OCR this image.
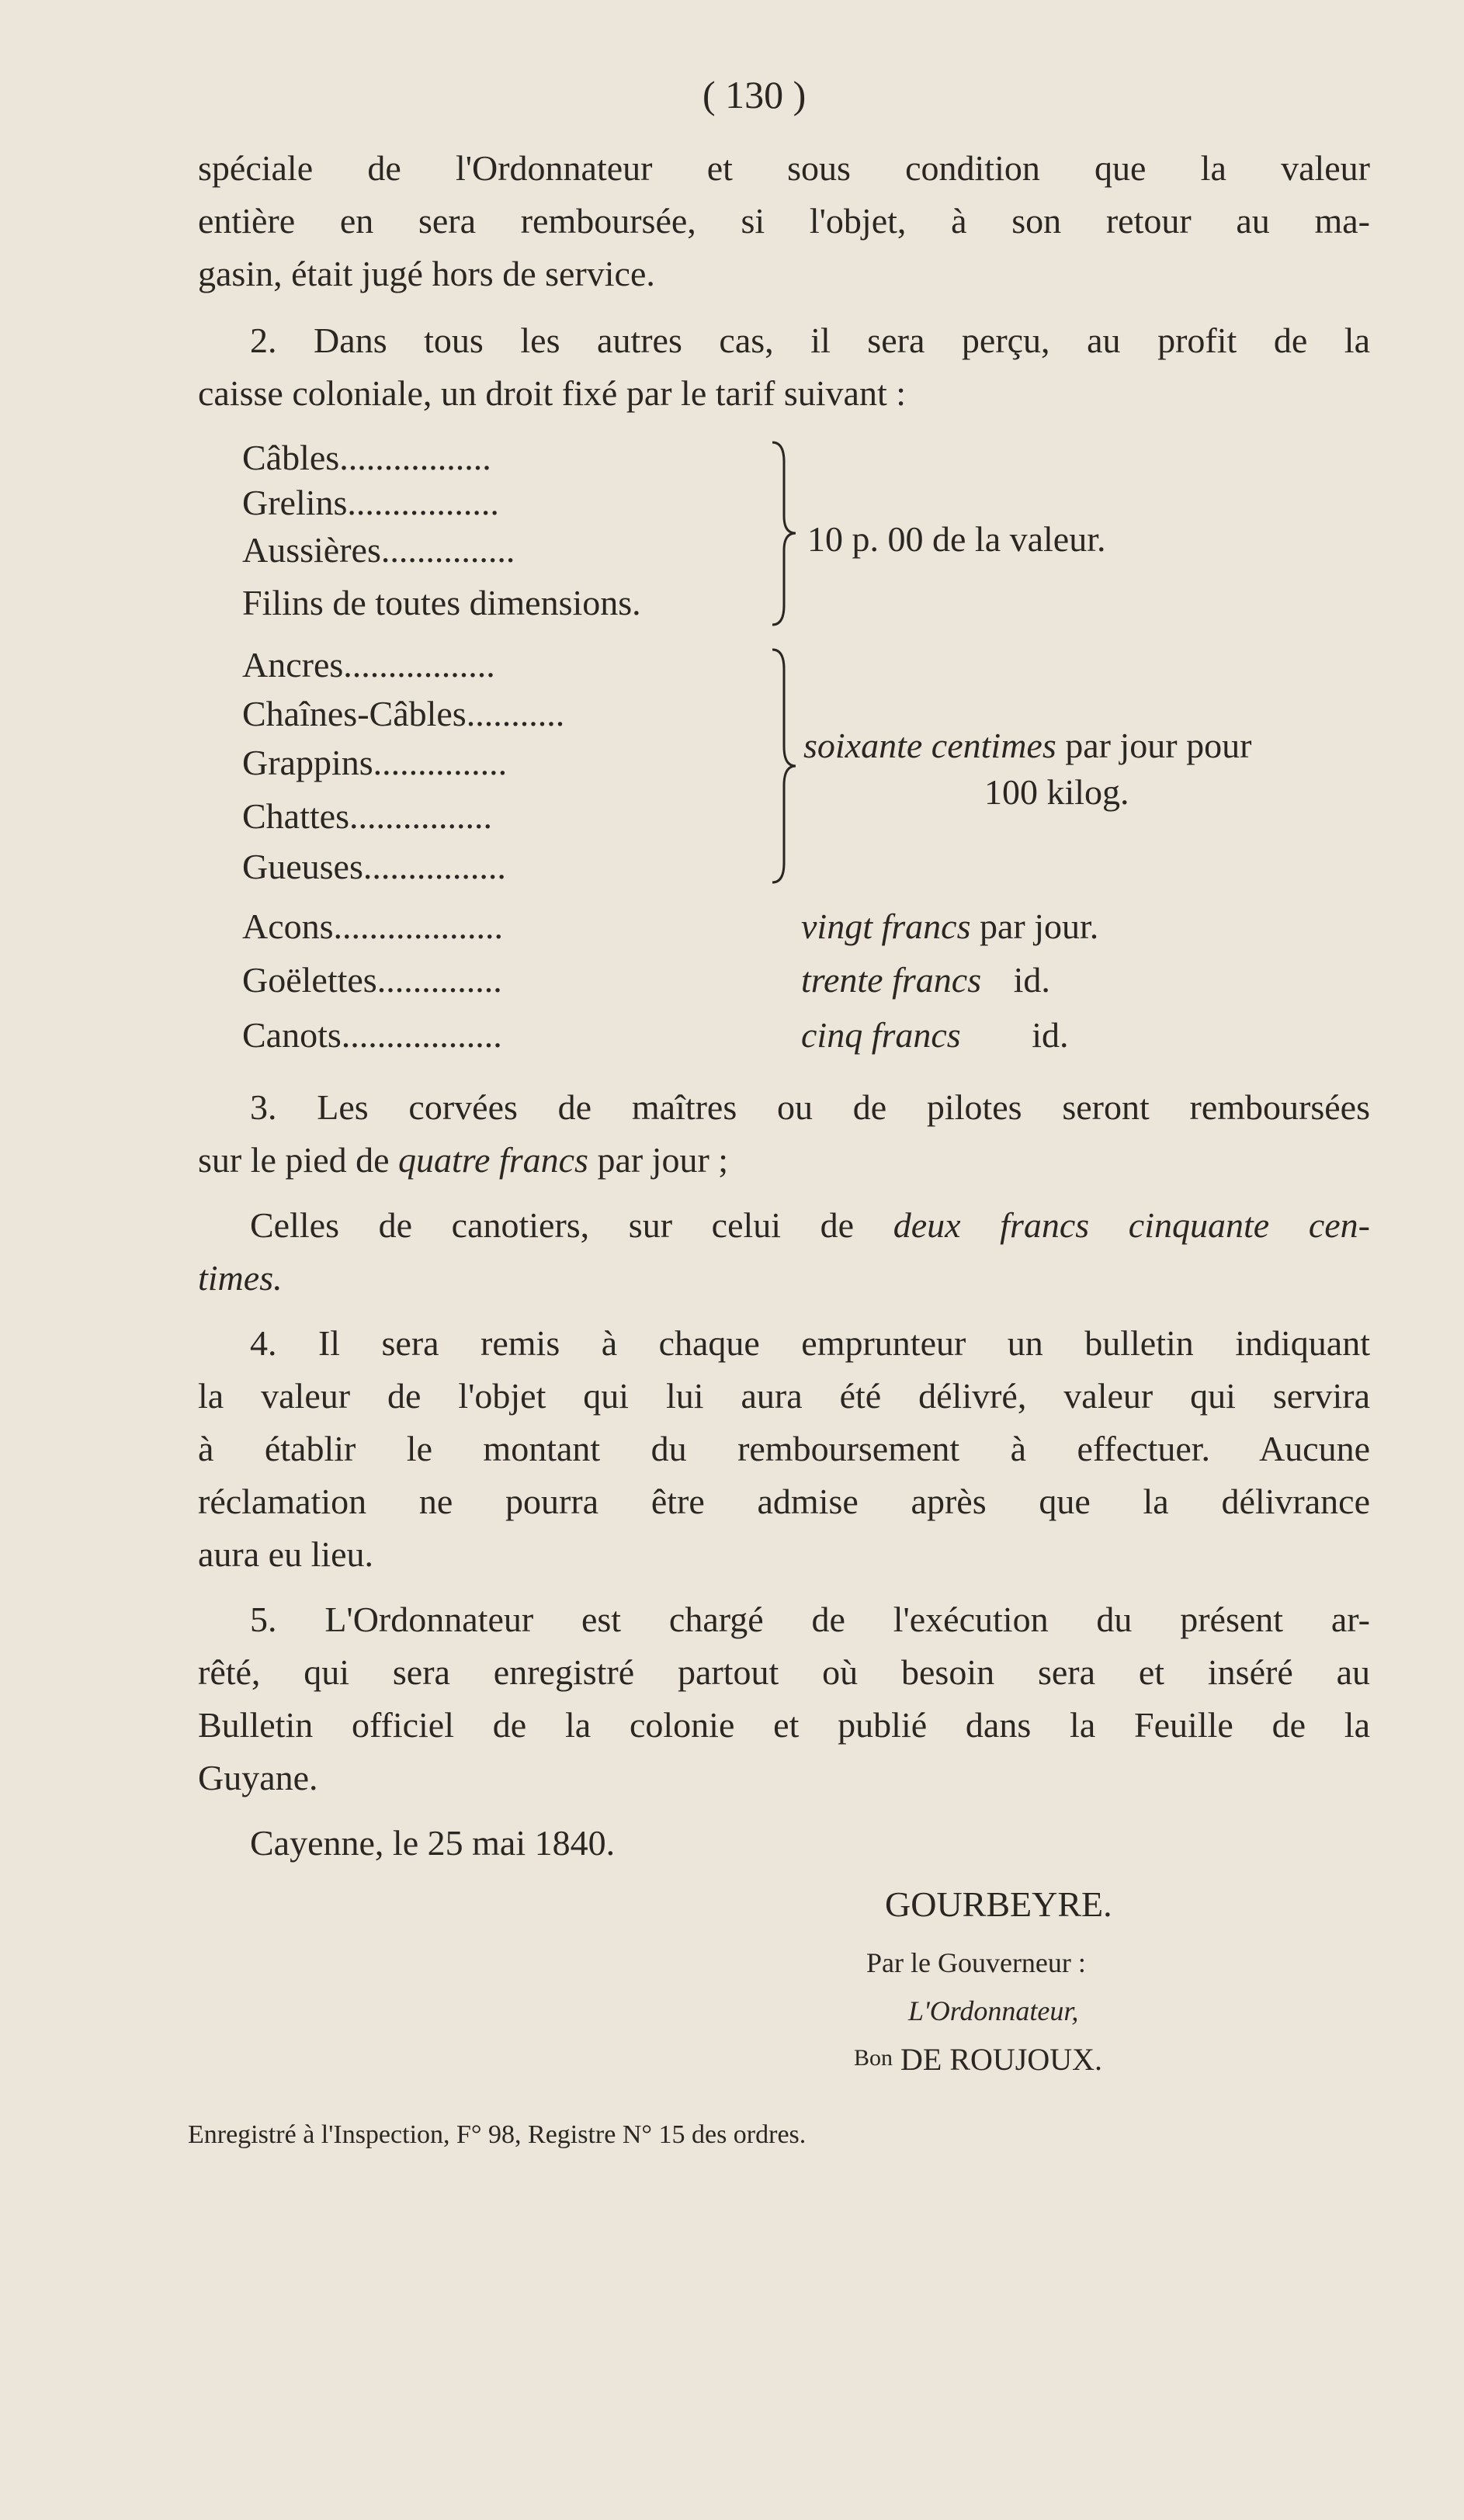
( 130 )
spéciale de l'Ordonnateur et sous condition que la valeur
entière en sera remboursée, si l'objet, à son retour au ma-
gasin, était jugé hors de service.
2. Dans tous les autres cas, il sera perçu, au profit de la
caisse coloniale, un droit fixé par le tarif suivant :
Câbles.................
Grelins.................
Aussières...............
Filins de toutes dimensions.
10 p. 00 de la valeur.
Ancres.................
Chaînes-Câbles...........
Grappins...............
Chattes................
Gueuses................
soixante centimes par jour pour
100 kilog.
Acons...................	vingt francs par jour.
Goëlettes..............	trente francs id.
Canots..................	cinq francs id.
3. Les corvées de maîtres ou de pilotes seront remboursées
sur le pied de quatre francs par jour ;
Celles de canotiers, sur celui de deux francs cinquante cen-
times.
4. Il sera remis à chaque emprunteur un bulletin indiquant
la valeur de l'objet qui lui aura été délivré, valeur qui servira
à établir le montant du remboursement à effectuer. Aucune
réclamation ne pourra être admise après que la délivrance
aura eu lieu.
5. L'Ordonnateur est chargé de l'exécution du présent ar-
rêté, qui sera enregistré partout où besoin sera et inséré au
Bulletin officiel de la colonie et publié dans la Feuille de la
Guyane.
Cayenne, le 25 mai 1840.
GOURBEYRE.
Par le Gouverneur :
L'Ordonnateur,
Bon DE ROUJOUX.
Enregistré à l'Inspection, F° 98, Registre N° 15 des ordres.
